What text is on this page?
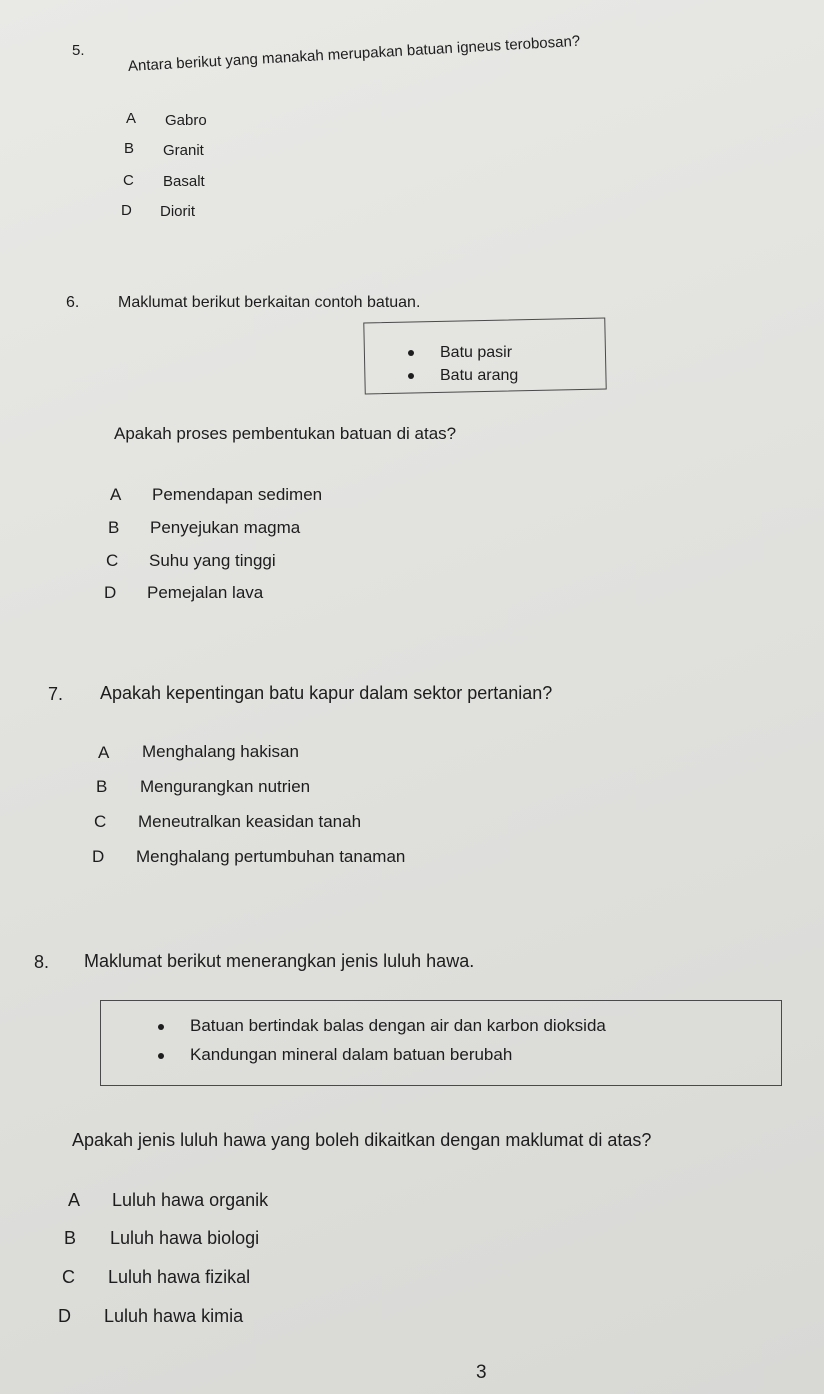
5.	Antara berikut yang manakah merupakan batuan igneus terobosan?
A Gabro
B Granit
C Basalt
D Diorit
6. Maklumat berikut berkaitan contoh batuan.
Batu pasir
Batu arang
Apakah proses pembentukan batuan di atas?
A Pemendapan sedimen
B Penyejukan magma
C Suhu yang tinggi
D Pemejalan lava
7. Apakah kepentingan batu kapur dalam sektor pertanian?
A Menghalang hakisan
B Mengurangkan nutrien
C Meneutralkan keasidan tanah
D Menghalang pertumbuhan tanaman
8. Maklumat berikut menerangkan jenis luluh hawa.
Batuan bertindak balas dengan air dan karbon dioksida
Kandungan mineral dalam batuan berubah
Apakah jenis luluh hawa yang boleh dikaitkan dengan maklumat di atas?
A Luluh hawa organik
B Luluh hawa biologi
C Luluh hawa fizikal
D Luluh hawa kimia
3
